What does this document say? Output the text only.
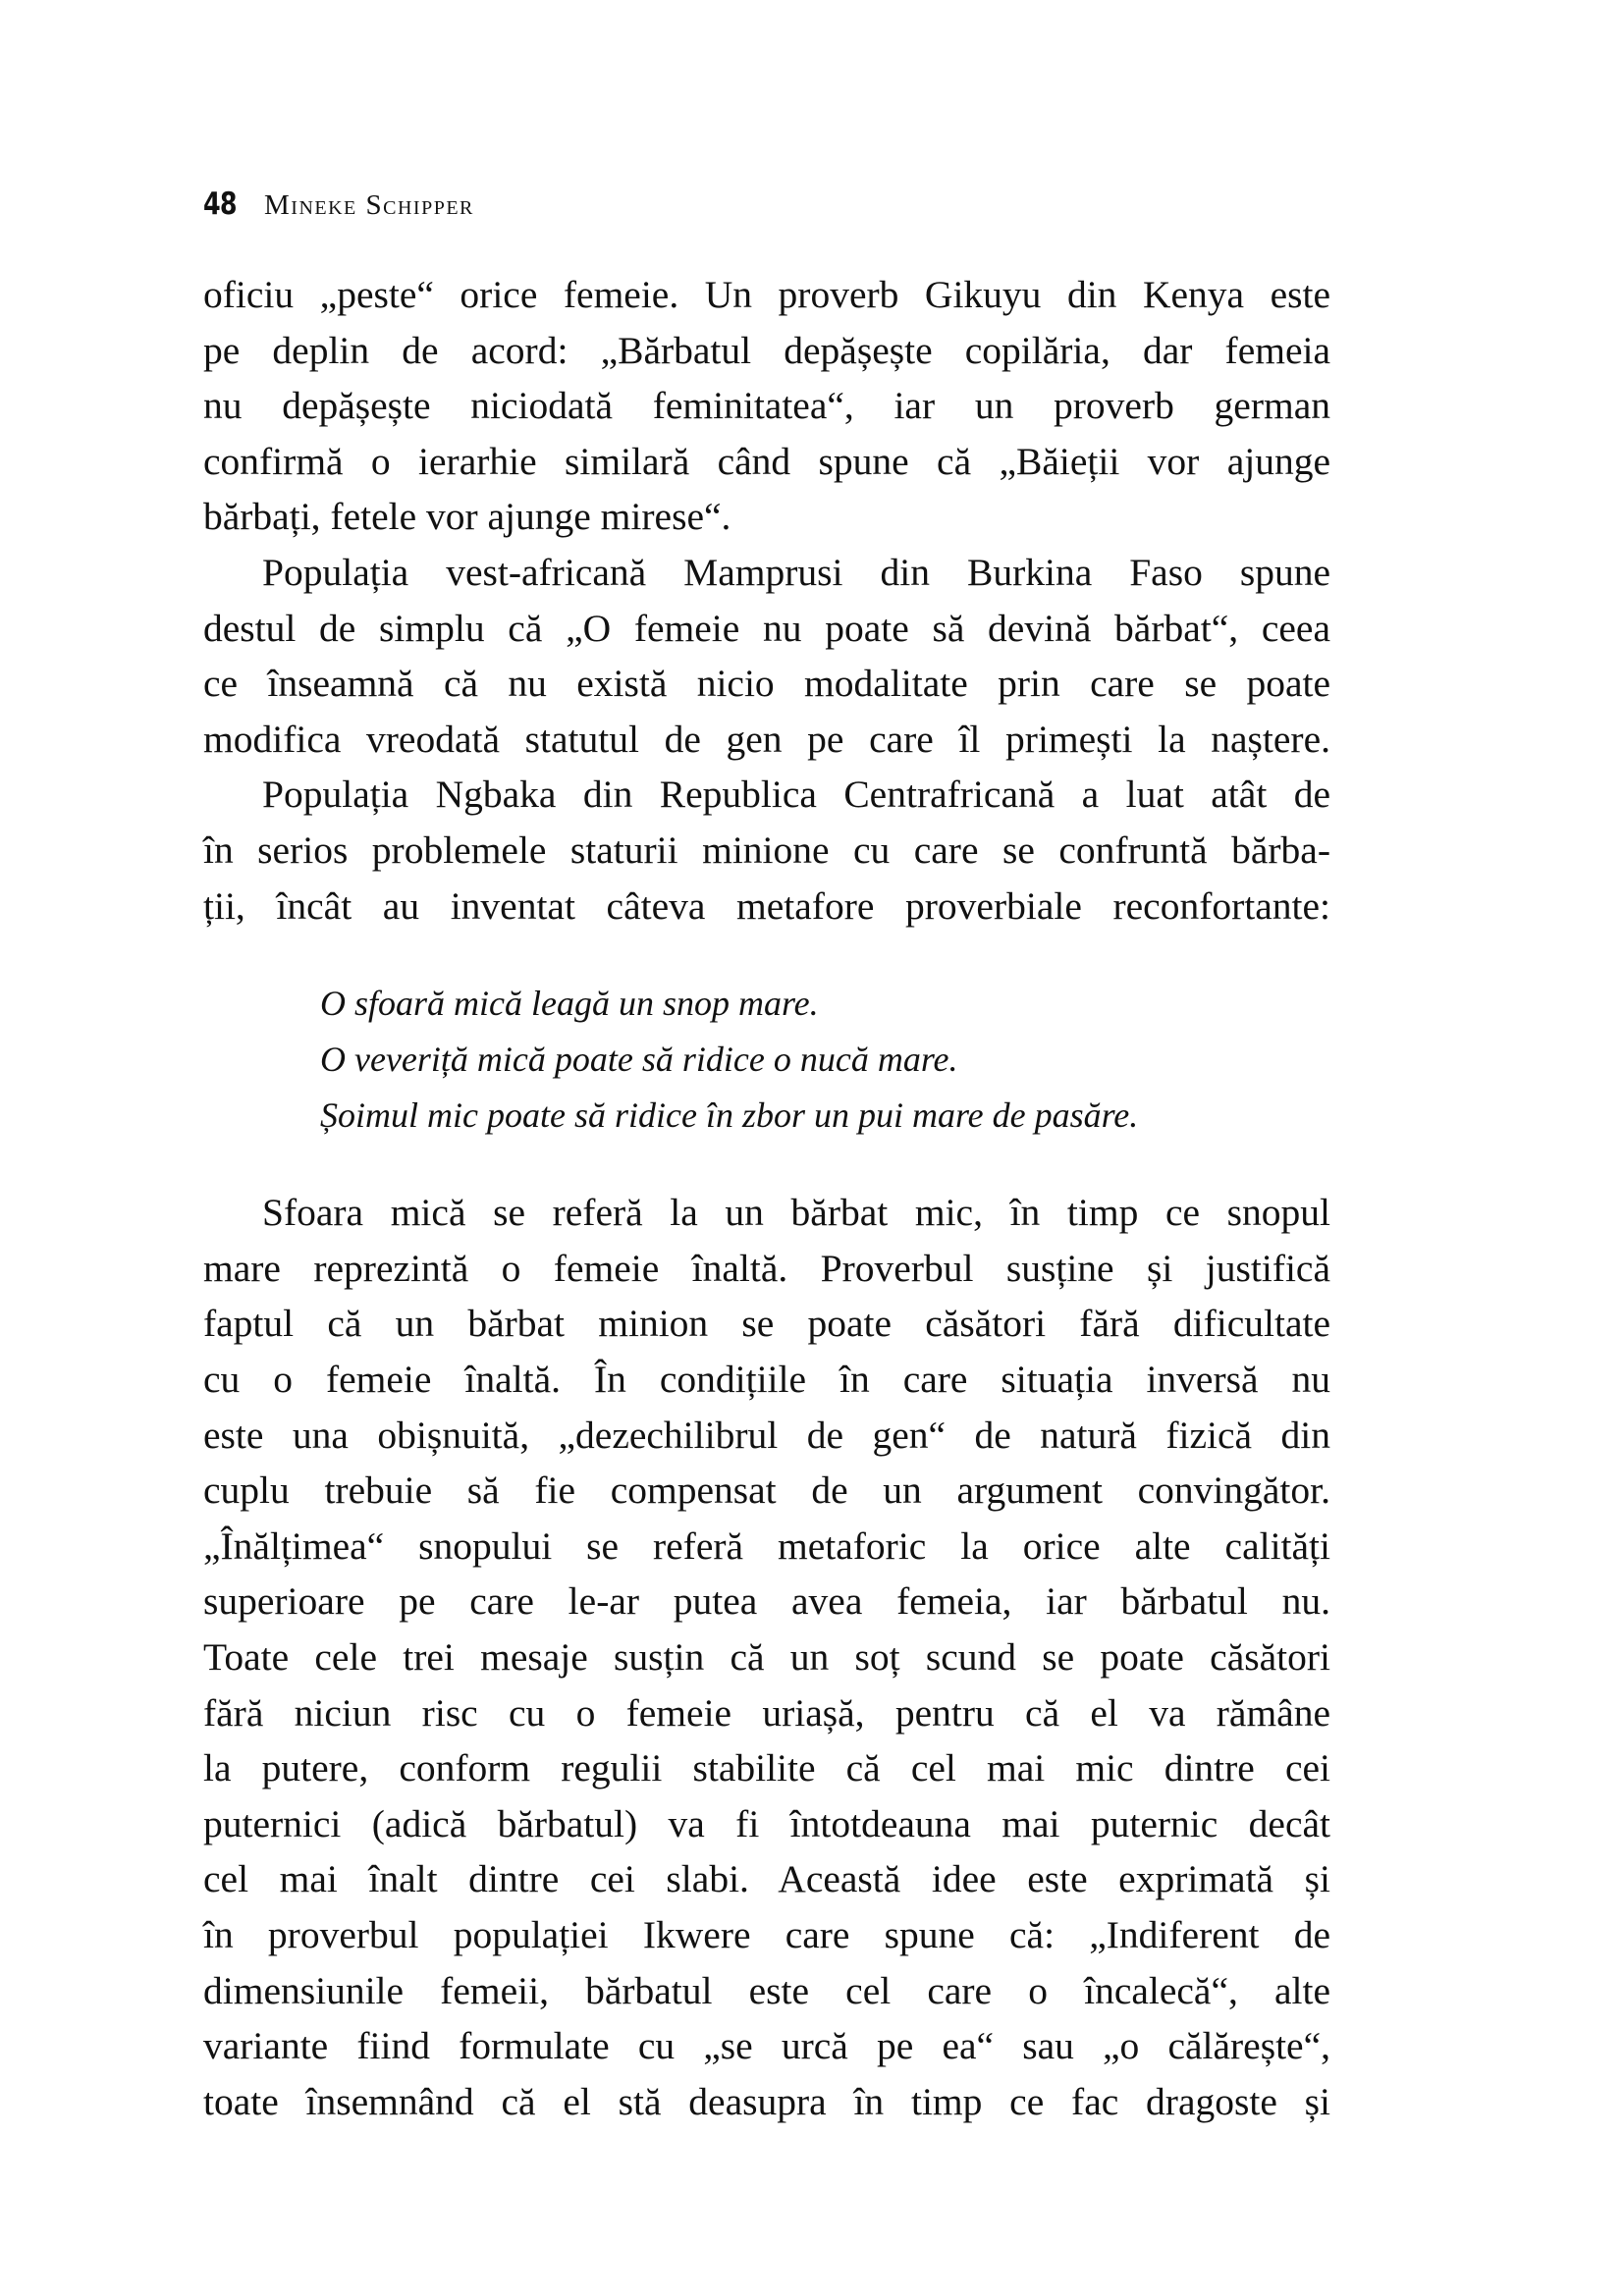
48 Mineke Schipper

oficiu „peste“ orice femeie. Un proverb Gikuyu din Kenya este
pe deplin de acord: „Bărbatul depășește copilăria, dar femeia
nu depășește niciodată feminitatea“, iar un proverb german
confirmă o ierarhie similară când spune că „Băieții vor ajunge
bărbați, fetele vor ajunge mirese“.

Populația vest-africană Mamprusi din Burkina Faso spune
destul de simplu că „O femeie nu poate să devină bărbat“, ceea
ce înseamnă că nu există nicio modalitate prin care se poate
modifica vreodată statutul de gen pe care îl primești la naștere.

Populația Ngbaka din Republica Centrafricană a luat atât de
în serios problemele staturii minione cu care se confruntă bărba-
ții, încât au inventat câteva metafore proverbiale reconfortante:

O sfoară mică leagă un snop mare.
O veveriță mică poate să ridice o nucă mare.
Șoimul mic poate să ridice în zbor un pui mare de pasăre.

Sfoara mică se referă la un bărbat mic, în timp ce snopul
mare reprezintă o femeie înaltă. Proverbul susține și justifică
faptul că un bărbat minion se poate căsători fără dificultate
cu o femeie înaltă. În condițiile în care situația inversă nu
este una obișnuită, „dezechilibrul de gen“ de natură fizică din
cuplu trebuie să fie compensat de un argument convingător.
„Înălțimea“ snopului se referă metaforic la orice alte calități
superioare pe care le-ar putea avea femeia, iar bărbatul nu.
Toate cele trei mesaje susțin că un soț scund se poate căsători
fără niciun risc cu o femeie uriașă, pentru că el va rămâne
la putere, conform regulii stabilite că cel mai mic dintre cei
puternici (adică bărbatul) va fi întotdeauna mai puternic decât
cel mai înalt dintre cei slabi. Această idee este exprimată și
în proverbul populației Ikwere care spune că: „Indiferent de
dimensiunile femeii, bărbatul este cel care o încalecă“, alte
variante fiind formulate cu „se urcă pe ea“ sau „o călărește“,
toate însemnând că el stă deasupra în timp ce fac dragoste și
